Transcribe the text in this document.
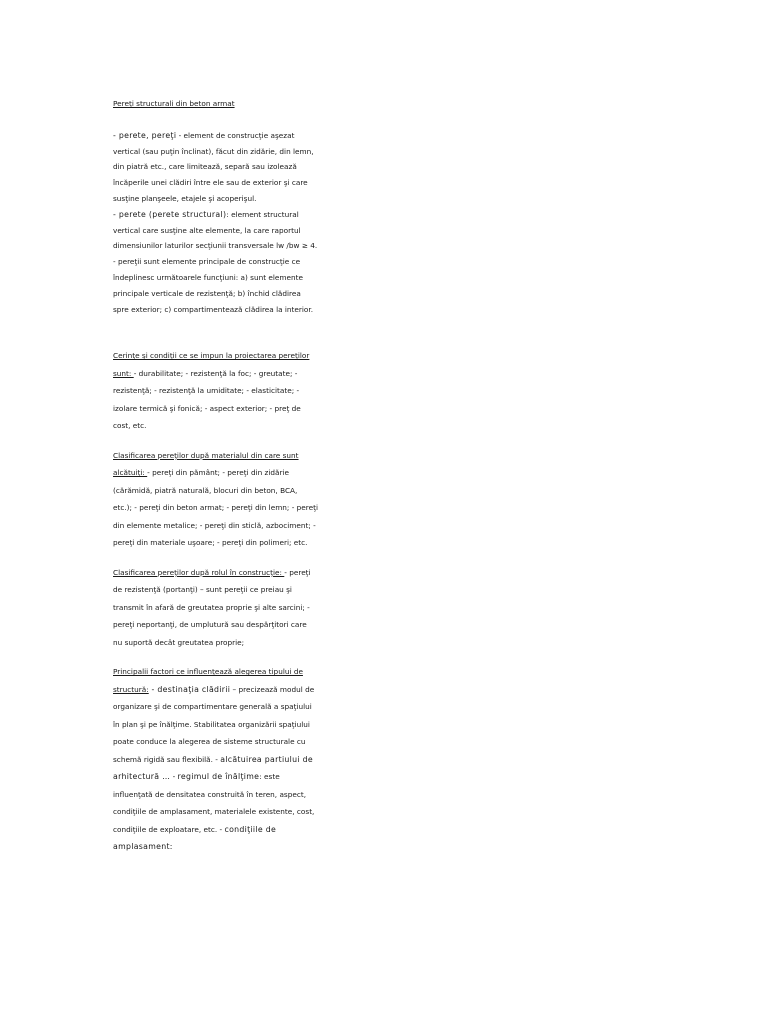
Pereţi structurali din beton armat

- perete, pereţi - element de construcţie aşezat vertical (sau puţin înclinat), făcut din zidărie, din lemn, din piatră etc., care limitează, separă sau izolează încăperile unei clădiri între ele sau de exterior şi care susţine planşeele, etajele şi acoperişul.
- perete (perete structural): element structural vertical care susţine alte elemente, la care raportul dimensiunilor laturilor secţiunii transversale lw /bw ≥ 4. - pereţii sunt elemente principale de construcţie ce îndeplinesc următoarele funcţiuni: a) sunt elemente principale verticale de rezistenţă; b) închid clădirea spre exterior; c) compartimentează clădirea la interior.

Cerinţe şi condiţii ce se impun la proiectarea pereţilor sunt: - durabilitate; - rezistenţă la foc; - greutate; - rezistenţă; - rezistenţă la umiditate; - elasticitate; - izolare termică şi fonică; - aspect exterior; - preţ de cost, etc.

Clasificarea pereţilor după materialul din care sunt alcătuiţi: - pereţi din pământ; - pereţi din zidărie (cărămidă, piatră naturală, blocuri din beton, BCA, etc.); - pereţi din beton armat; - pereţi din lemn; - pereţi din elemente metalice; - pereţi din sticlă, azbociment; - pereţi din materiale uşoare; - pereţi din polimeri; etc.

Clasificarea pereţilor după rolul în construcţie: - pereţi de rezistenţă (portanţi) – sunt pereţii ce preiau şi transmit în afară de greutatea proprie şi alte sarcini; - pereţi neportanţi, de umplutură sau despărţitori care nu suportă decât greutatea proprie;

Principalii factori ce influenţează alegerea tipului de structură: - destinaţia clădirii – precizează modul de organizare şi de compartimentare generală a spaţiului în plan şi pe înălţime. Stabilitatea organizării spaţiului poate conduce la alegerea de sisteme structurale cu schemă rigidă sau flexibilă. - alcătuirea partiului de arhitectură … - regimul de înălţime: este influenţată de densitatea construită în teren, aspect, condiţiile de amplasament, materialele existente, cost, condiţiile de exploatare, etc. - condiţiile de amplasament:
